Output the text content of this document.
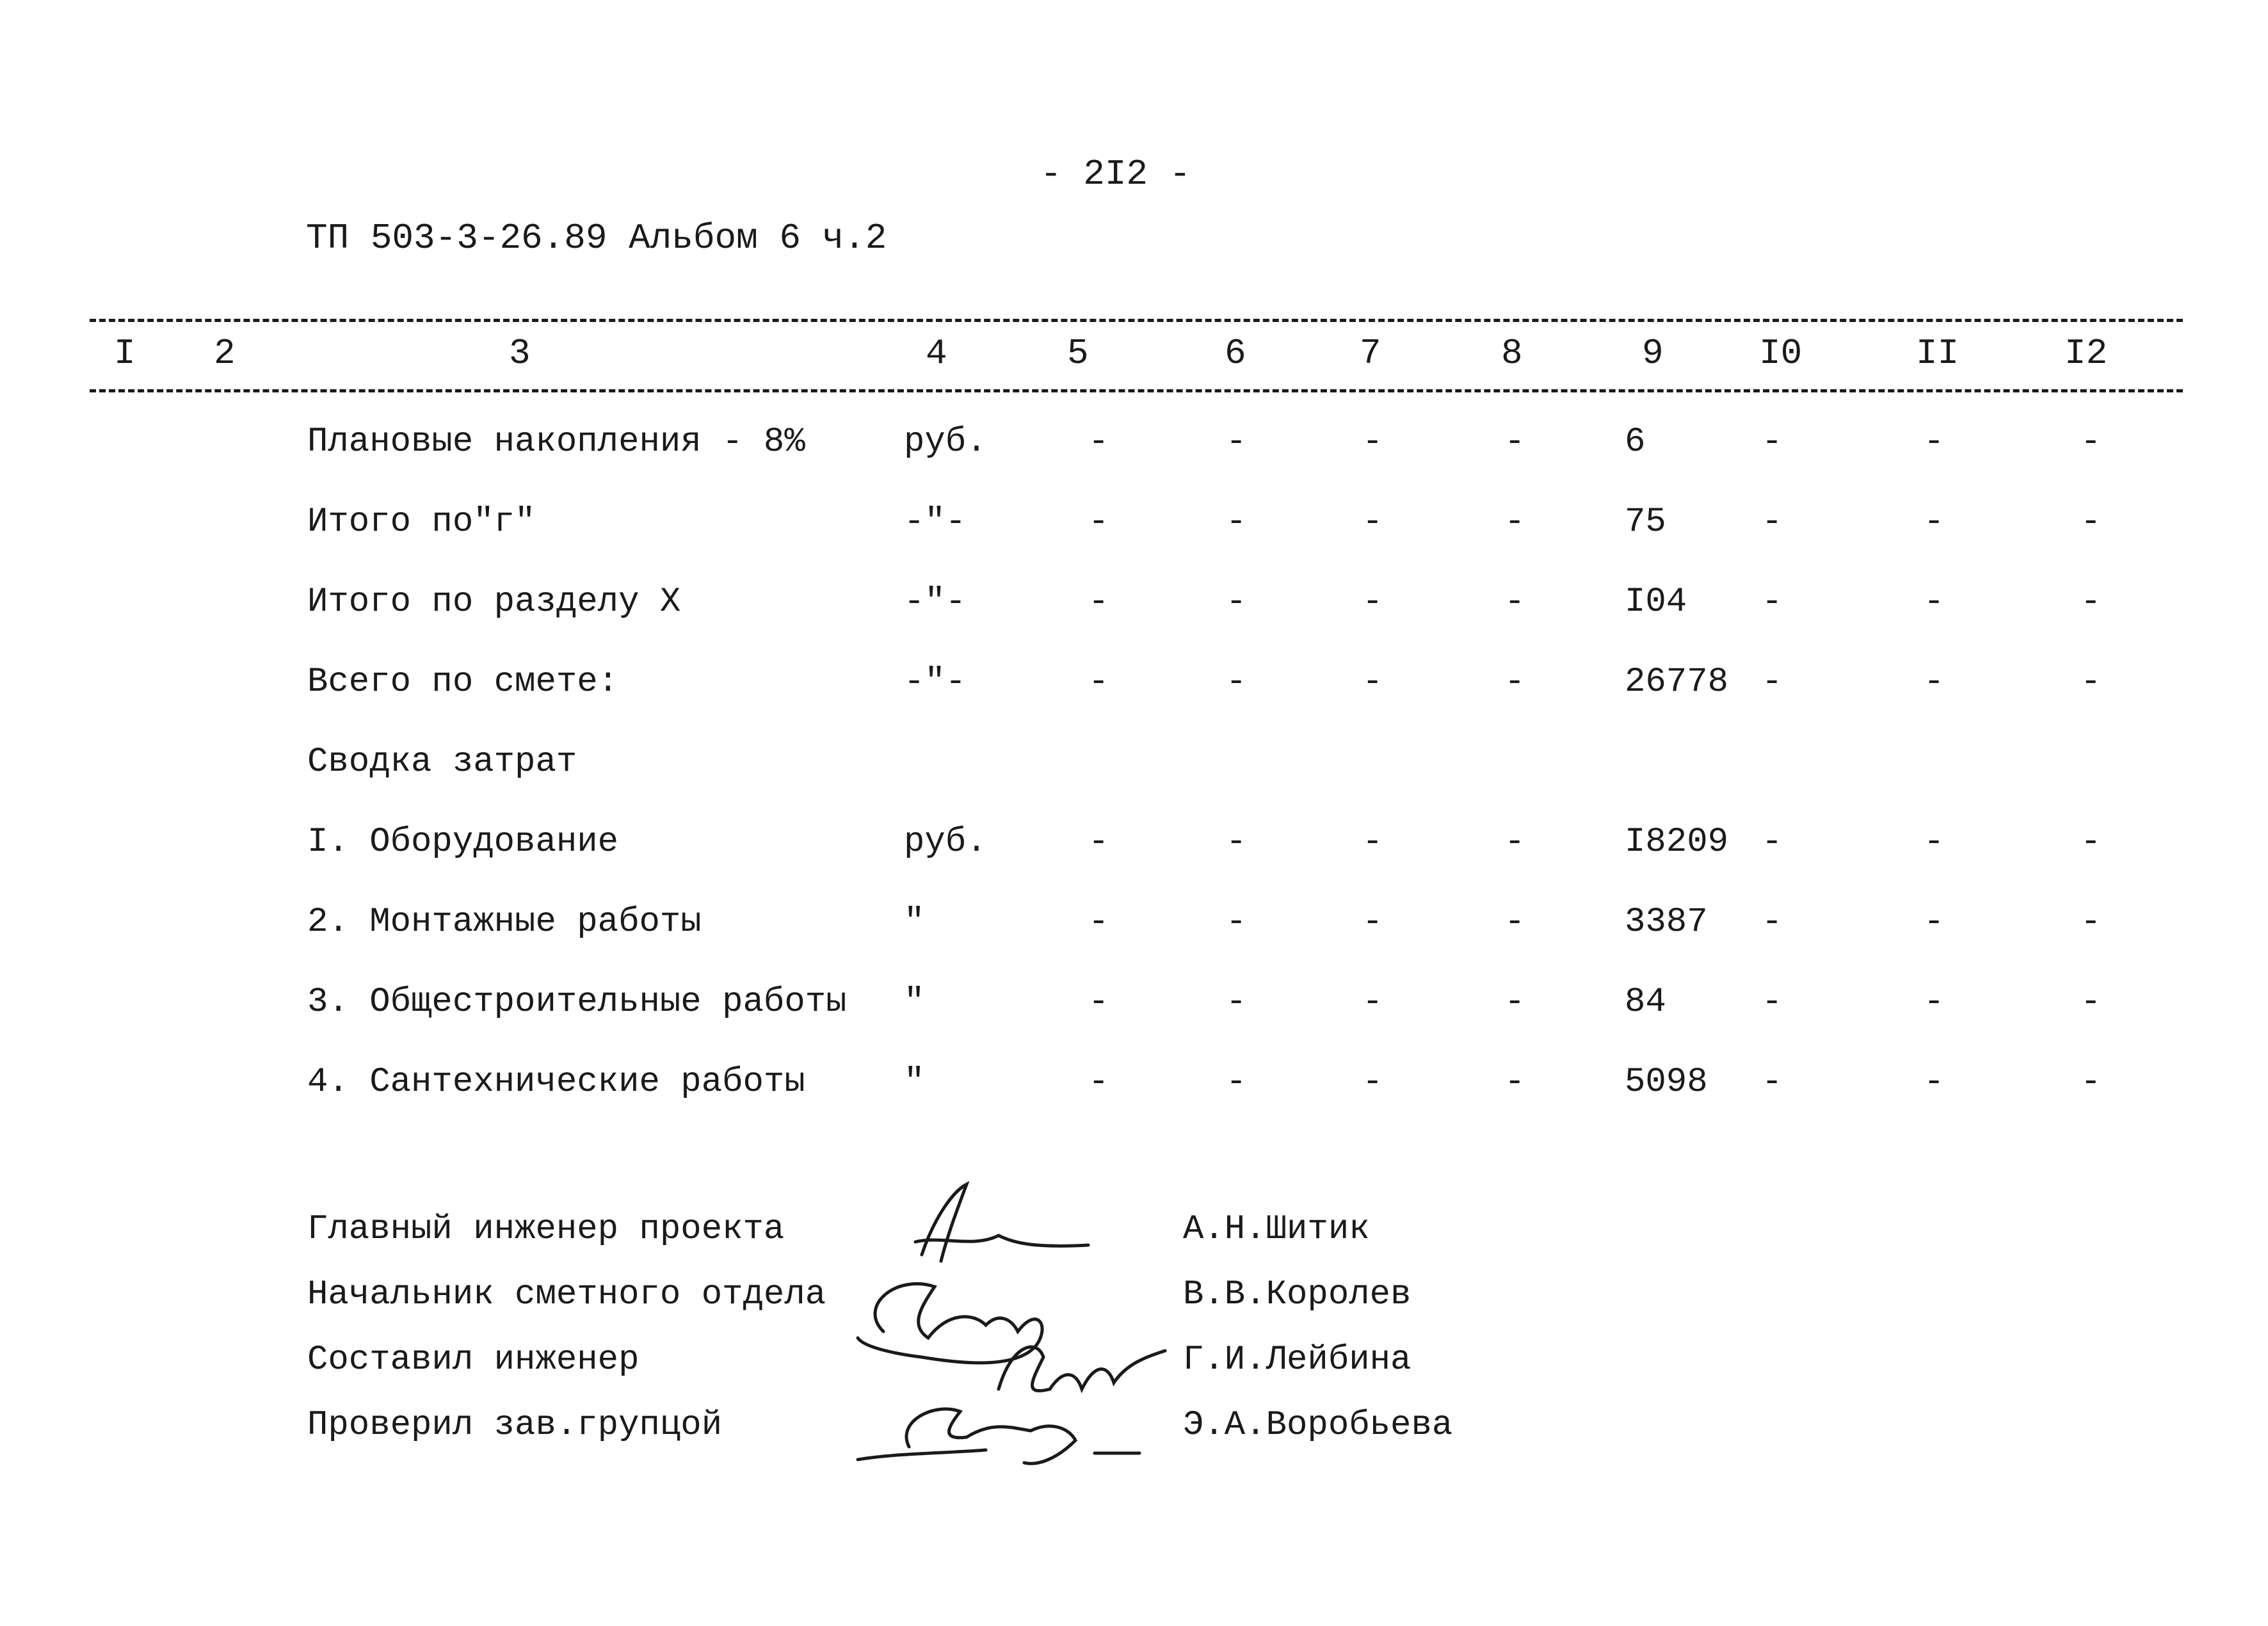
- 2I2 -
ТП 503-3-26.89 Альбом 6 ч.2
I 2	3	4	5	6	7	8	9	I0	II	I2
Плановые накопления - 8%	руб.	-	-	-	-	6	-	-	-
Итого по"г"	-"-	-	-	-	-	75	-	-	-
Итого по разделу X	-"-	-	-	-	-	I04 -	-	-
Всего по смете:	-"-	-	-	-	-	26778 -	-	-
Сводка затрат
I. Оборудование	руб.	-	-	-	-	I8209 -	-	-
2. Монтажные работы	"	-	-	-	-	3387 -	-	-
3. Общестроительные работы "	-	-	-	-	84	-	-	-
4. Сантехнические работы	"	-	-	-	-	5098 -	-	-
Главный инженер проекта	А.Н.Шитик
Начальник сметного отдела	В.В.Королев
Составил инженер	Г.И.Лейбина
Проверил зав.групцой	Э.А.Воробьева
